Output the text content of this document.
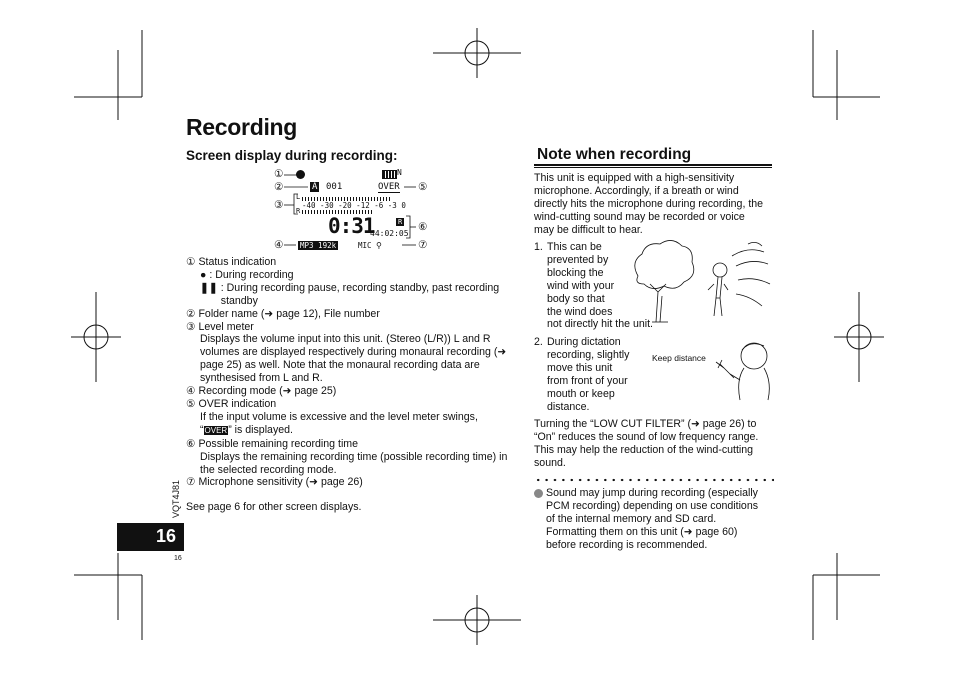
Recording
Screen display during recording:
①
②
③
④
⑤
⑥
⑦
N
A 001	OVER
L
R
-40 -30 -20 -12 -6 -3 0
0:31	R
44:02:05
MP3 192k	MIC ⚲
① Status indication
● : During recording
❚❚ : During recording pause, recording standby, past recording standby
② Folder name (➜ page 12), File number
③ Level meter
Displays the volume input into this unit. (Stereo (L/R)) L and R volumes are displayed respectively during monaural recording (➜ page 25) as well. Note that the monaural recording data are synthesised from L and R.
④ Recording mode (➜ page 25)
⑤ OVER indication
If the input volume is excessive and the level meter swings,
“OVER” is displayed.
⑥ Possible remaining recording time
Displays the remaining recording time (possible recording time) in the selected recording mode.
⑦ Microphone sensitivity (➜ page 26)
See page 6 for other screen displays.
VQT4J81
16
16
Note when recording
This unit is equipped with a high-sensitivity microphone. Accordingly, if a breath or wind directly hits the microphone during recording, the wind-cutting sound may be recorded or voice may be difficult to hear.
1. This can be
prevented by
blocking the
wind with your
body so that
the wind does
not directly hit the unit.
2. During dictation
recording, slightly
move this unit
from front of your
mouth or keep
distance.
Keep distance
Turning the “LOW CUT FILTER” (➜ page 26) to “On” reduces the sound of low frequency range. This may help the reduction of the wind-cutting sound.
Sound may jump during recording (especially
PCM recording) depending on use conditions
of the internal memory and SD card.
Formatting them on this unit (➜ page 60)
before recording is recommended.
